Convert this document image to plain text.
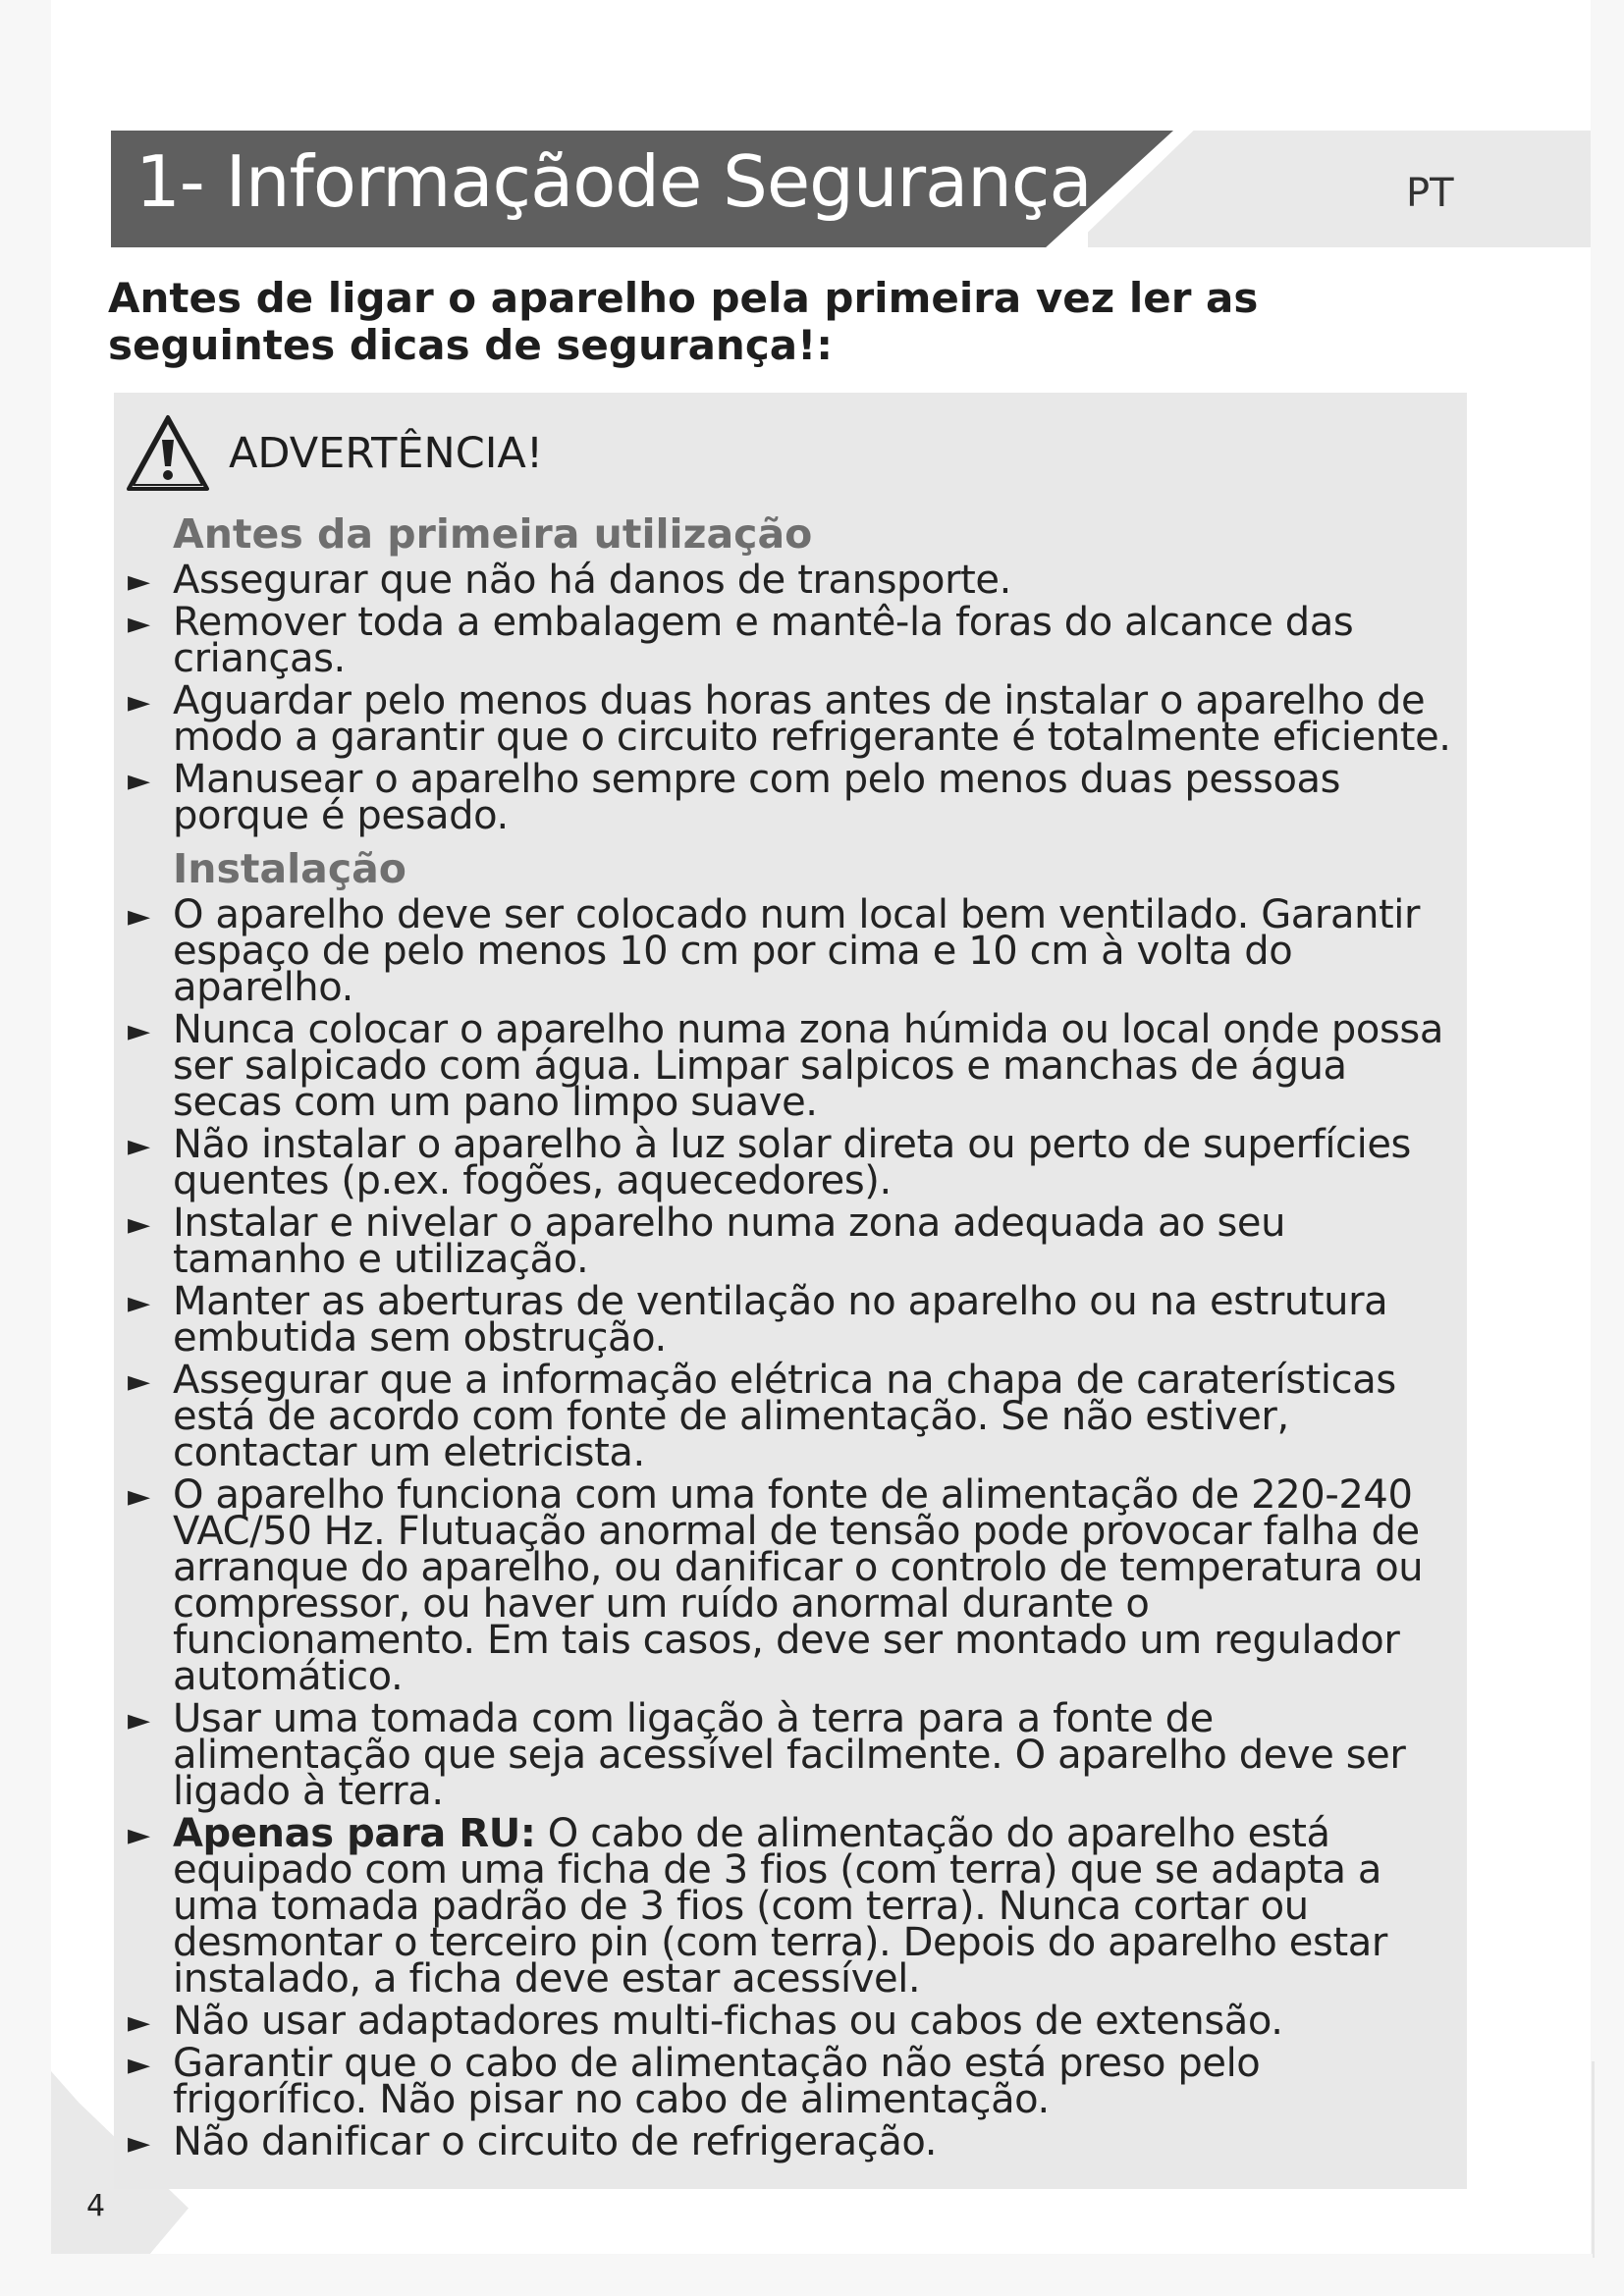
4
1- Informaçãode Segurança	PT

Antes de ligar o aparelho pela primeira vez ler as seguintes dicas de segurança!:

ADVERTÊNCIA!
Antes da primeira utilização
► Assegurar que não há danos de transporte.
► Remover toda a embalagem e mantê-la foras do alcance das crianças.
► Aguardar pelo menos duas horas antes de instalar o aparelho de modo a garantir que o circuito refrigerante é totalmente eficiente.
► Manusear o aparelho sempre com pelo menos duas pessoas porque é pesado.
Instalação
► O aparelho deve ser colocado num local bem ventilado. Garantir espaço de pelo menos 10 cm por cima e 10 cm à volta do aparelho.
► Nunca colocar o aparelho numa zona húmida ou local onde possa ser salpicado com água. Limpar salpicos e manchas de água secas com um pano limpo suave.
► Não instalar o aparelho à luz solar direta ou perto de superfícies quentes (p.ex. fogões, aquecedores).
► Instalar e nivelar o aparelho numa zona adequada ao seu tamanho e utilização.
► Manter as aberturas de ventilação no aparelho ou na estrutura embutida sem obstrução.
► Assegurar que a informação elétrica na chapa de caraterísticas está de acordo com fonte de alimentação. Se não estiver, contactar um eletricista.
► O aparelho funciona com uma fonte de alimentação de 220-240 VAC/50 Hz. Flutuação anormal de tensão pode provocar falha de arranque do aparelho, ou danificar o controlo de temperatura ou compressor, ou haver um ruído anormal durante o funcionamento. Em tais casos, deve ser montado um regulador automático.
► Usar uma tomada com ligação à terra para a fonte de alimentação que seja acessível facilmente. O aparelho deve ser ligado à terra.
► Apenas para RU: O cabo de alimentação do aparelho está equipado com uma ficha de 3 fios (com terra) que se adapta a uma tomada padrão de 3 fios (com terra). Nunca cortar ou desmontar o terceiro pin (com terra). Depois do aparelho estar instalado, a ficha deve estar acessível.
► Não usar adaptadores multi-fichas ou cabos de extensão.
► Garantir que o cabo de alimentação não está preso pelo frigorífico. Não pisar no cabo de alimentação.
► Não danificar o circuito de refrigeração.
